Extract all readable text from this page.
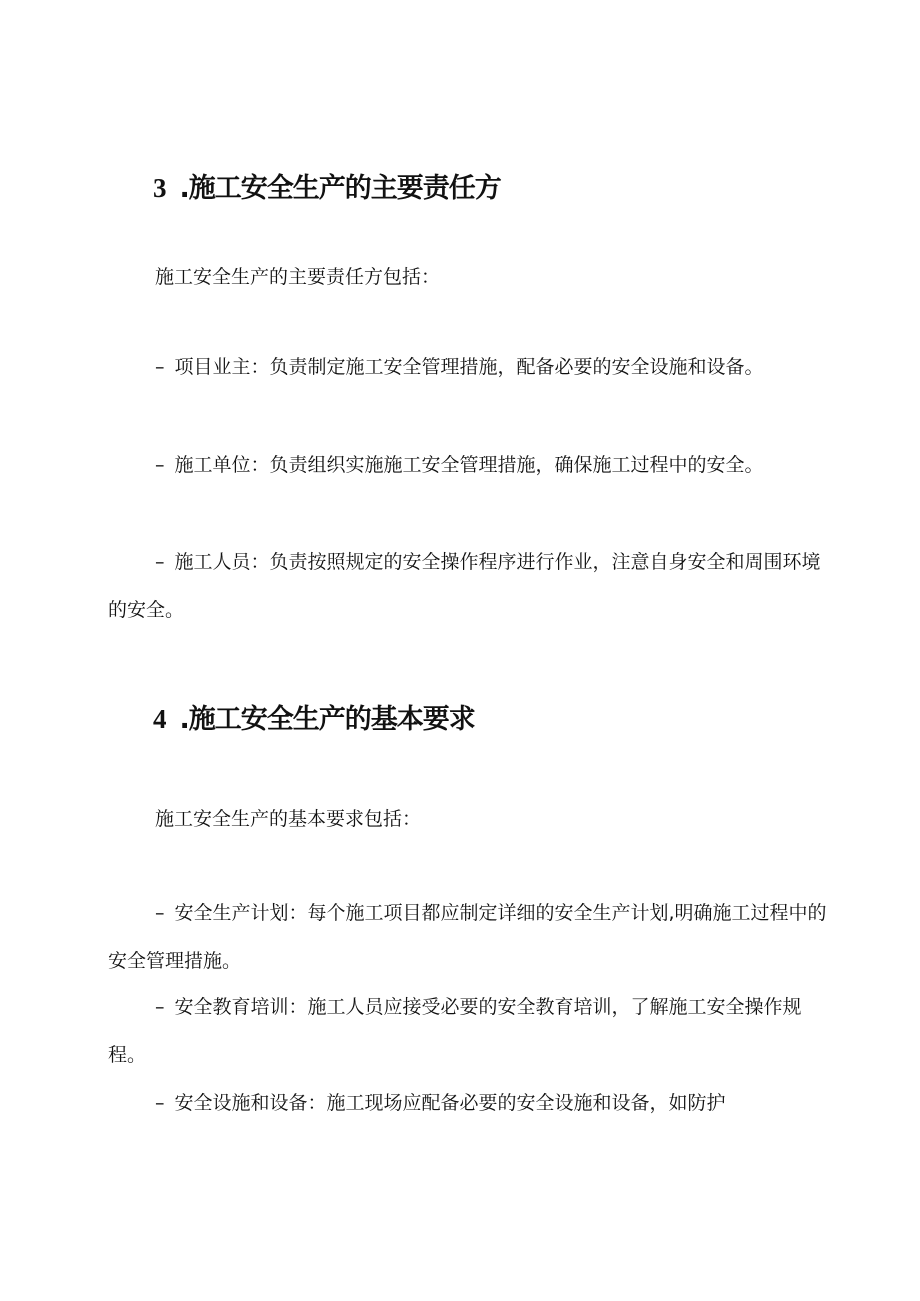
3 .施工安全生产的主要责任方
施工安全生产的主要责任方包括：
– 项目业主：负责制定施工安全管理措施，配备必要的安全设施和设备。
– 施工单位：负责组织实施施工安全管理措施，确保施工过程中的安全。
– 施工人员：负责按照规定的安全操作程序进行作业，注意自身安全和周围环境的安全。
4 .施工安全生产的基本要求
施工安全生产的基本要求包括：
– 安全生产计划：每个施工项目都应制定详细的安全生产计划,明确施工过程中的安全管理措施。
– 安全教育培训：施工人员应接受必要的安全教育培训，了解施工安全操作规程。
– 安全设施和设备：施工现场应配备必要的安全设施和设备，如防护
